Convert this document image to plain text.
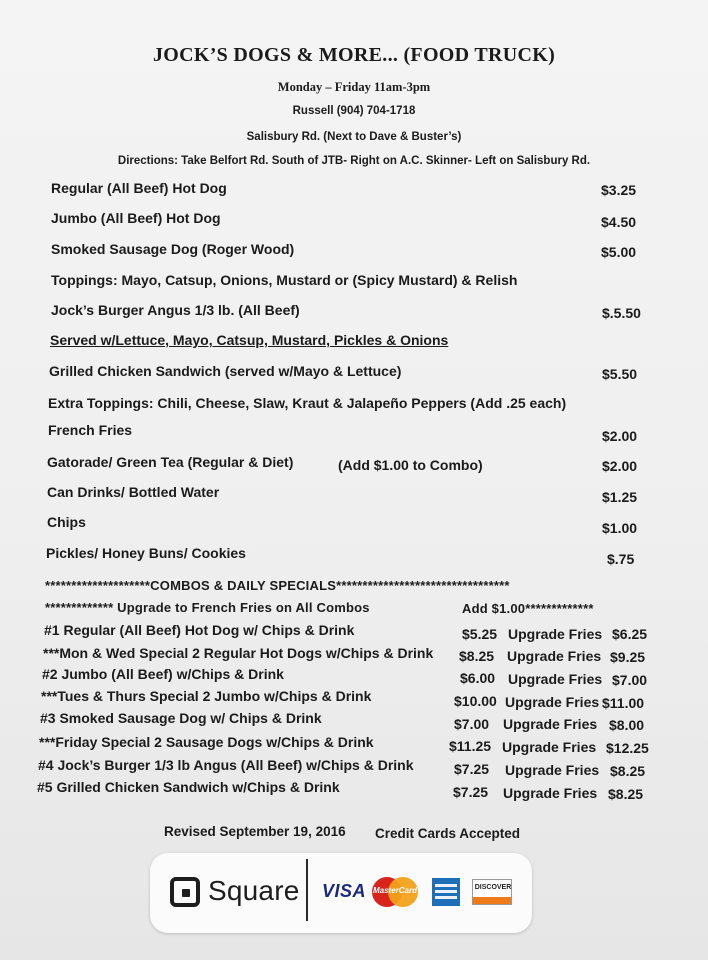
JOCK’S DOGS & MORE... (FOOD TRUCK)
Monday – Friday 11am-3pm
Russell (904) 704-1718
Salisbury Rd. (Next to Dave & Buster’s)
Directions: Take Belfort Rd. South of JTB- Right on A.C. Skinner- Left on Salisbury Rd.
Regular (All Beef) Hot Dog	$3.25
Jumbo (All Beef) Hot Dog	$4.50
Smoked Sausage Dog (Roger Wood)	$5.00
Toppings: Mayo, Catsup, Onions, Mustard or (Spicy Mustard) & Relish
Jock’s Burger Angus 1/3 lb. (All Beef)	$.5.50
Served w/Lettuce, Mayo, Catsup, Mustard, Pickles & Onions
Grilled Chicken Sandwich (served w/Mayo & Lettuce)	$5.50
Extra Toppings: Chili, Cheese, Slaw, Kraut & Jalapeño Peppers (Add .25 each)
French Fries	$2.00
Gatorade/ Green Tea (Regular & Diet)	(Add $1.00 to Combo)	$2.00
Can Drinks/ Bottled Water	$1.25
Chips	$1.00
Pickles/ Honey Buns/ Cookies	$.75
********************COMBOS & DAILY SPECIALS*********************************
************* Upgrade to French Fries on All Combos	Add $1.00*************
#1 Regular (All Beef) Hot Dog w/ Chips & Drink	$5.25 Upgrade Fries $6.25
***Mon & Wed Special 2 Regular Hot Dogs w/Chips & Drink $8.25 Upgrade Fries $9.25
#2 Jumbo (All Beef) w/Chips & Drink	$6.00 Upgrade Fries $7.00
***Tues & Thurs Special 2 Jumbo w/Chips & Drink	$10.00 Upgrade Fries $11.00
#3 Smoked Sausage Dog w/ Chips & Drink	$7.00 Upgrade Fries $8.00
***Friday Special 2 Sausage Dogs w/Chips & Drink	$11.25 Upgrade Fries $12.25
#4 Jock’s Burger 1/3 lb Angus (All Beef) w/Chips & Drink	$7.25 Upgrade Fries $8.25
#5 Grilled Chicken Sandwich w/Chips & Drink	$7.25 Upgrade Fries $8.25
Revised September 19, 2016 Credit Cards Accepted
Square VISA MasterCard	DISCOVER
